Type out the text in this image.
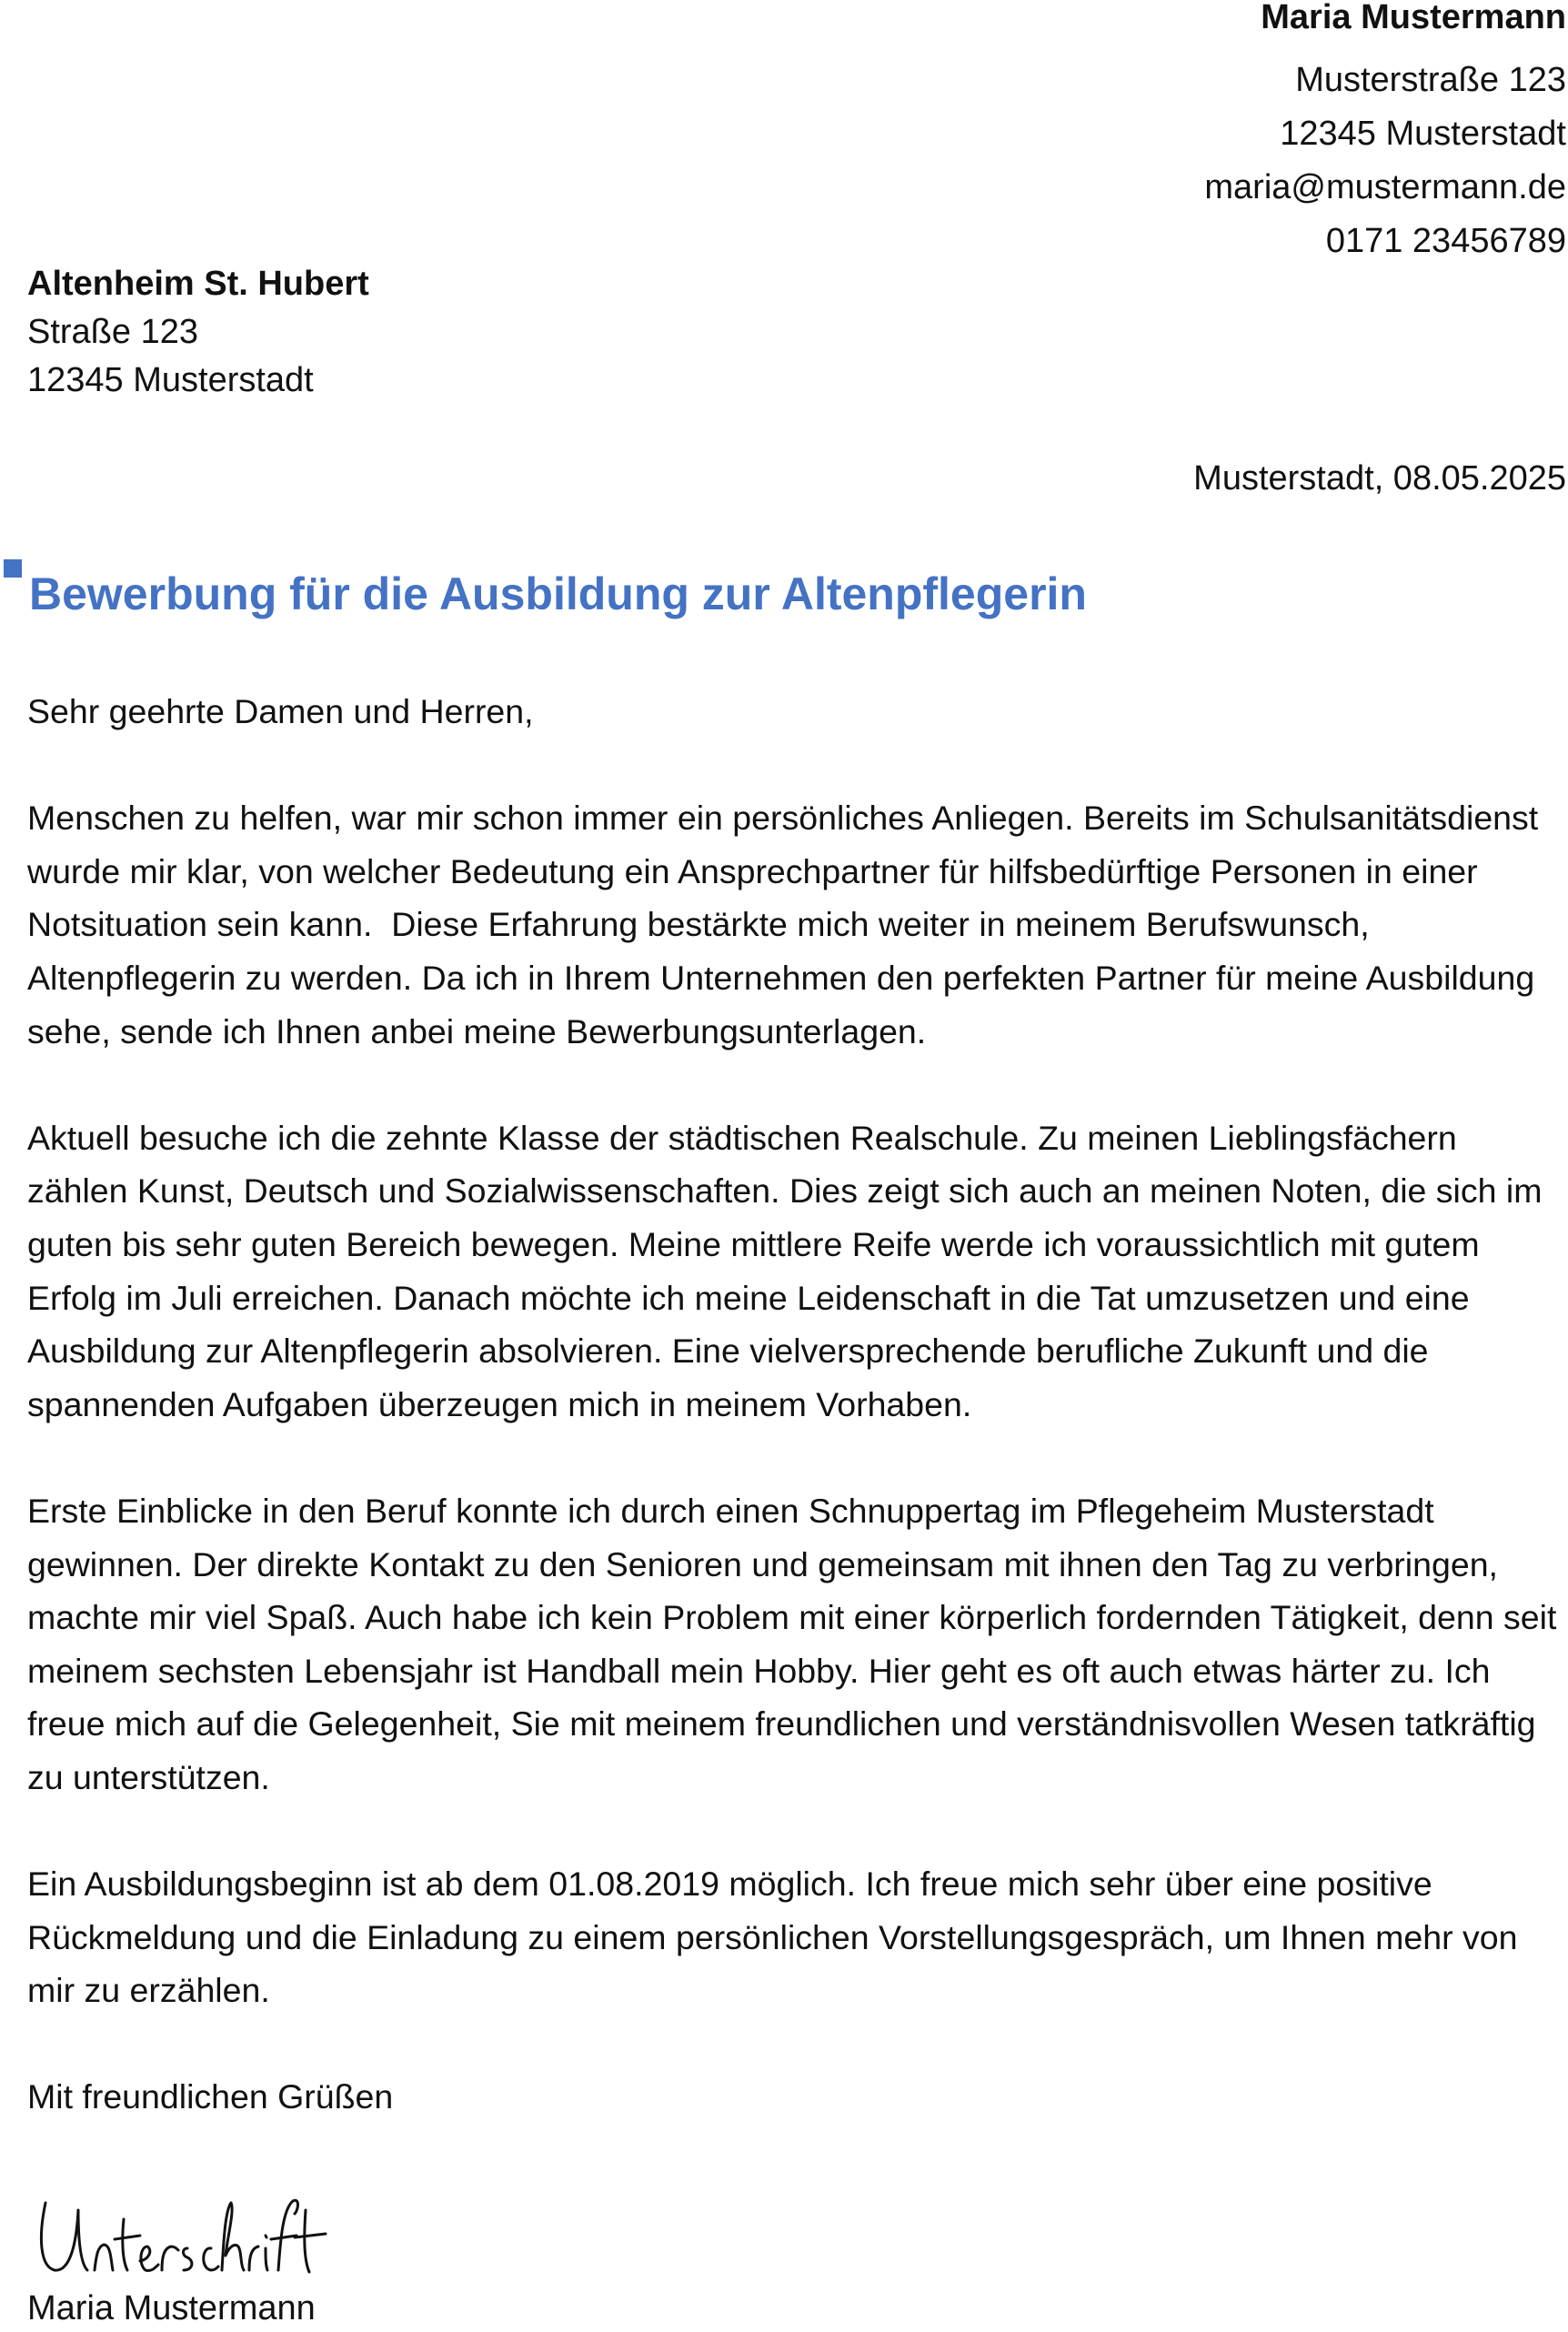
Maria Mustermann
Musterstraße 123
12345 Musterstadt
maria@mustermann.de
0171 23456789
Altenheim St. Hubert
Straße 123
12345 Musterstadt
Musterstadt, 08.05.2025
Bewerbung für die Ausbildung zur Altenpflegerin

Sehr geehrte Damen und Herren,

Menschen zu helfen, war mir schon immer ein persönliches Anliegen. Bereits im Schulsanitätsdienst wurde mir klar, von welcher Bedeutung ein Ansprechpartner für hilfsbedürftige Personen in einer Notsituation sein kann.  Diese Erfahrung bestärkte mich weiter in meinem Berufswunsch, Altenpflegerin zu werden. Da ich in Ihrem Unternehmen den perfekten Partner für meine Ausbildung sehe, sende ich Ihnen anbei meine Bewerbungsunterlagen.

Aktuell besuche ich die zehnte Klasse der städtischen Realschule. Zu meinen Lieblingsfächern zählen Kunst, Deutsch und Sozialwissenschaften. Dies zeigt sich auch an meinen Noten, die sich im guten bis sehr guten Bereich bewegen. Meine mittlere Reife werde ich voraussichtlich mit gutem Erfolg im Juli erreichen. Danach möchte ich meine Leidenschaft in die Tat umzusetzen und eine Ausbildung zur Altenpflegerin absolvieren. Eine vielversprechende berufliche Zukunft und die spannenden Aufgaben überzeugen mich in meinem Vorhaben.

Erste Einblicke in den Beruf konnte ich durch einen Schnuppertag im Pflegeheim Musterstadt gewinnen. Der direkte Kontakt zu den Senioren und gemeinsam mit ihnen den Tag zu verbringen, machte mir viel Spaß. Auch habe ich kein Problem mit einer körperlich fordernden Tätigkeit, denn seit meinem sechsten Lebensjahr ist Handball mein Hobby. Hier geht es oft auch etwas härter zu. Ich freue mich auf die Gelegenheit, Sie mit meinem freundlichen und verständnisvollen Wesen tatkräftig zu unterstützen.

Ein Ausbildungsbeginn ist ab dem 01.08.2019 möglich. Ich freue mich sehr über eine positive Rückmeldung und die Einladung zu einem persönlichen Vorstellungsgespräch, um Ihnen mehr von mir zu erzählen.

Mit freundlichen Grüßen

Maria Mustermann
